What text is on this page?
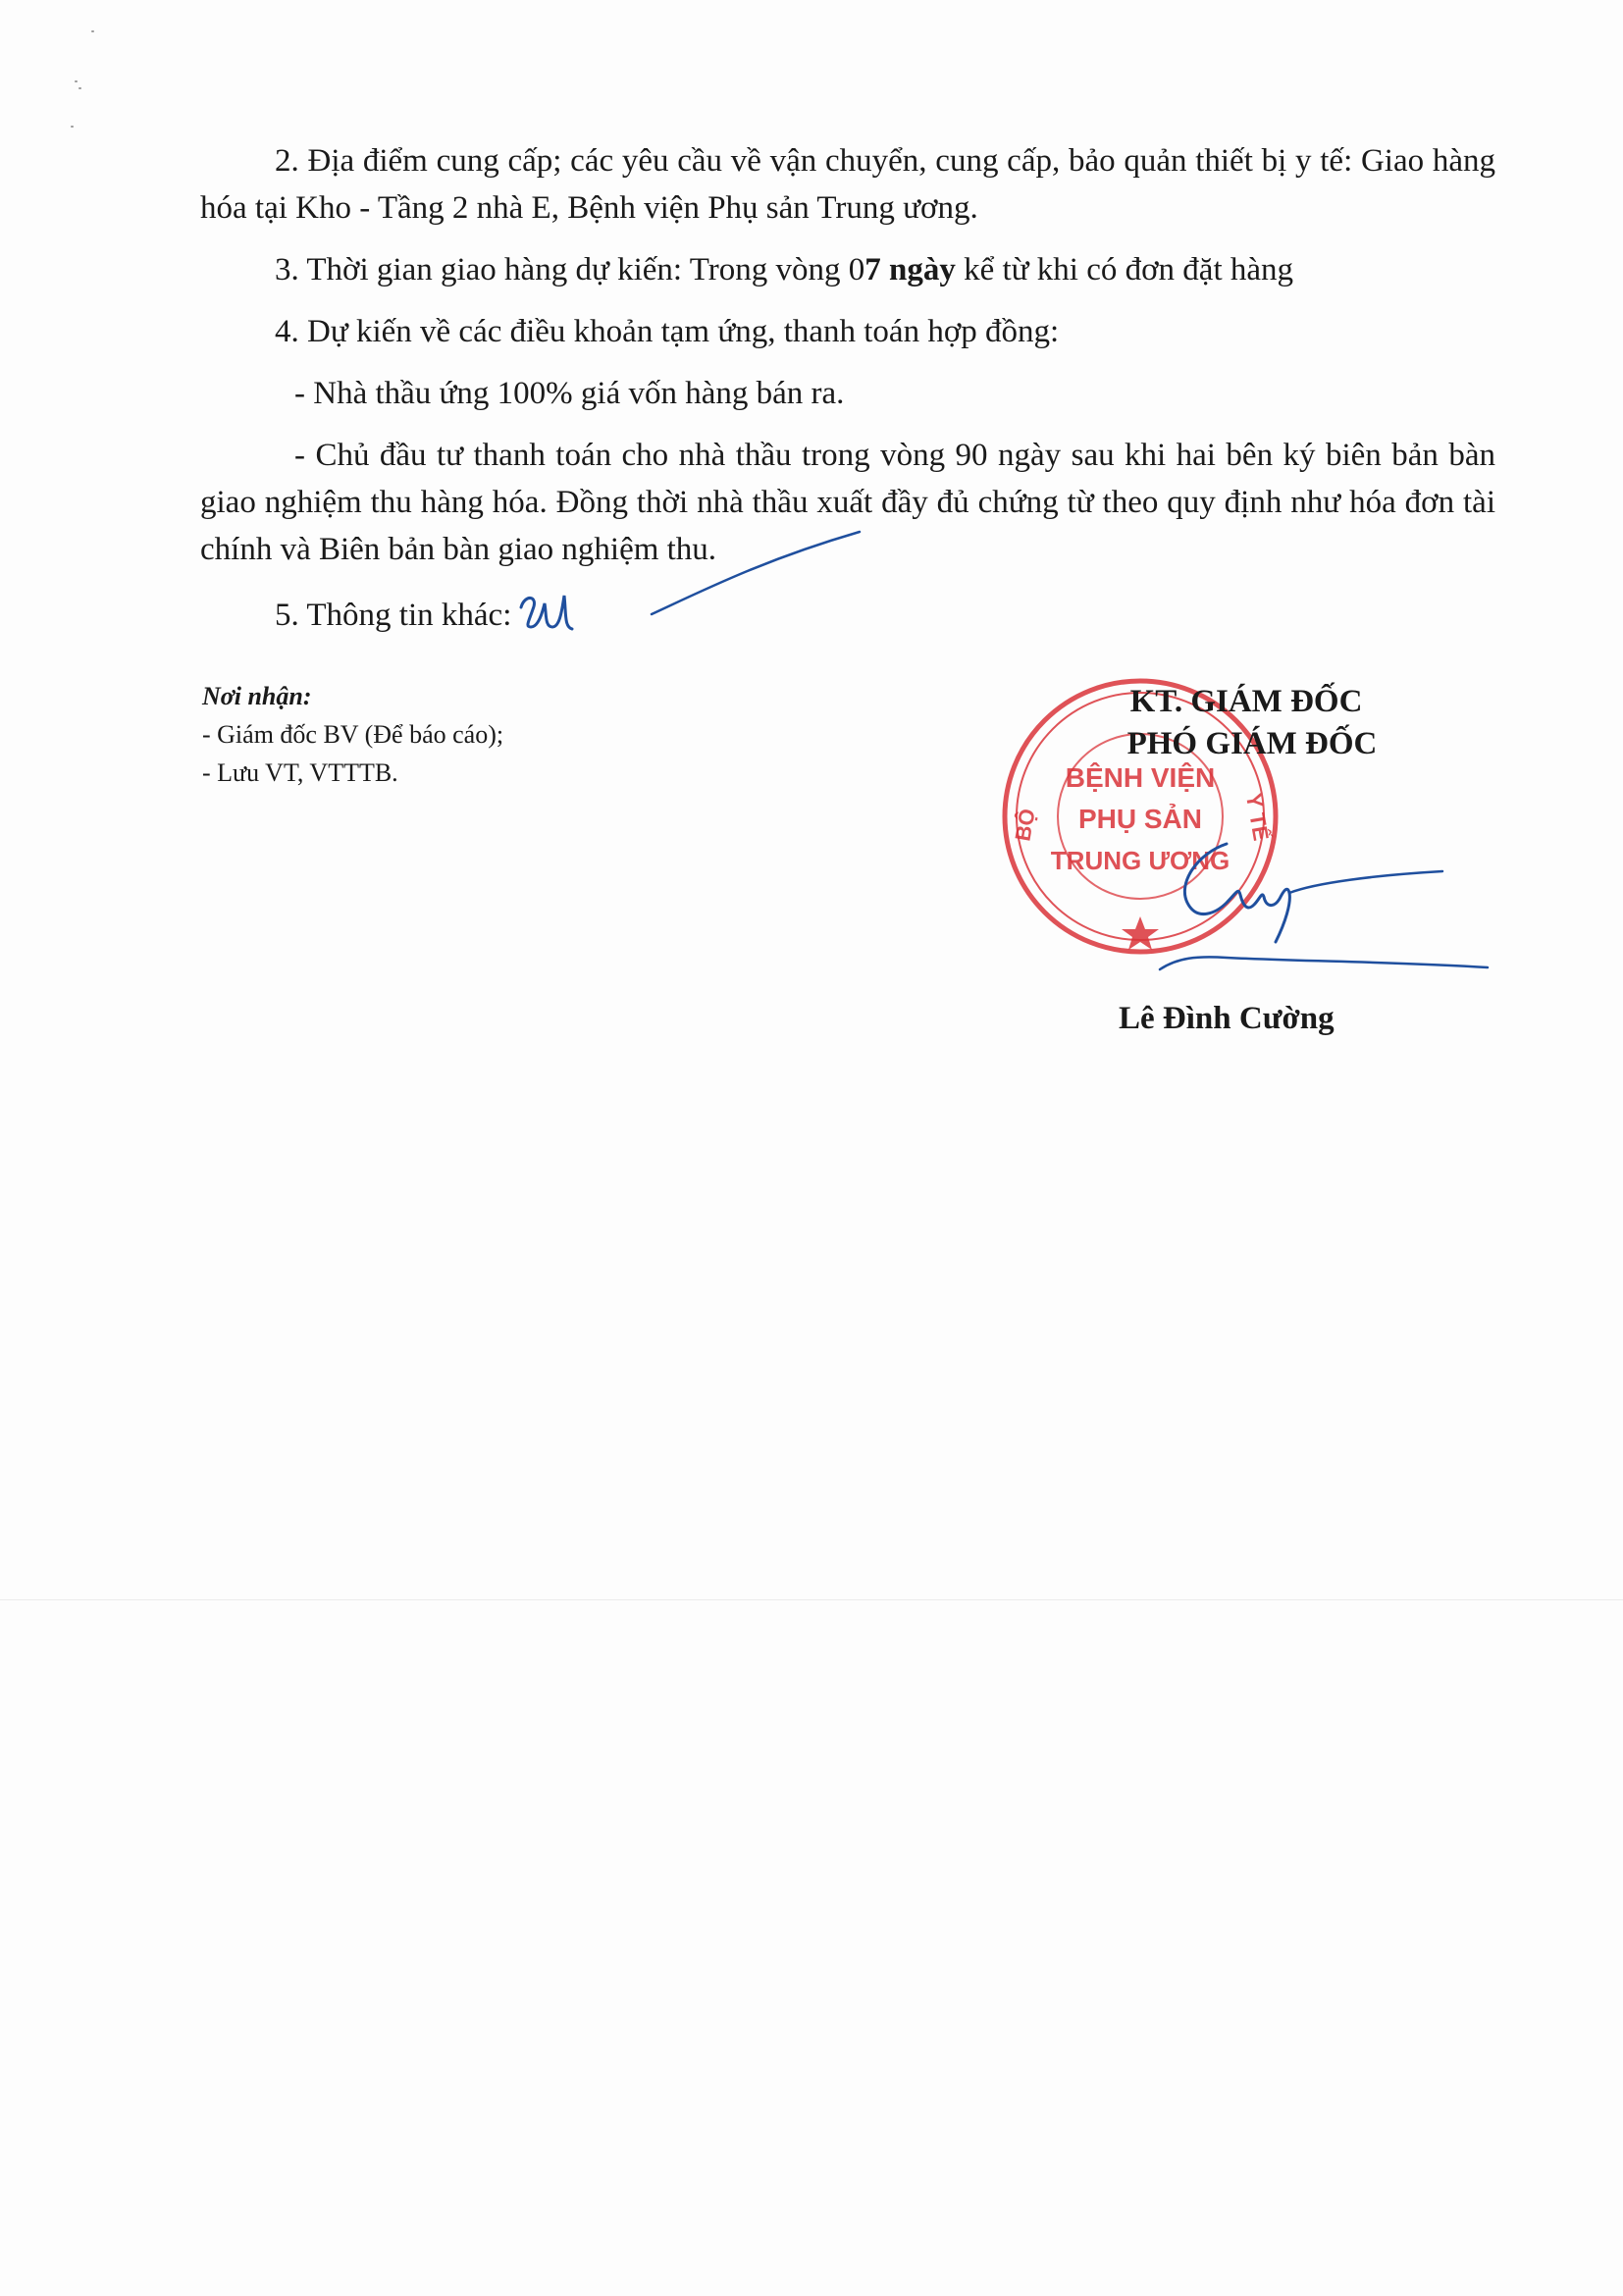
2. Địa điểm cung cấp; các yêu cầu về vận chuyển, cung cấp, bảo quản thiết bị y tế: Giao hàng hóa tại Kho - Tầng 2 nhà E, Bệnh viện Phụ sản Trung ương.

3. Thời gian giao hàng dự kiến: Trong vòng 07 ngày kể từ khi có đơn đặt hàng

4. Dự kiến về các điều khoản tạm ứng, thanh toán hợp đồng:

- Nhà thầu ứng 100% giá vốn hàng bán ra.

- Chủ đầu tư thanh toán cho nhà thầu trong vòng 90 ngày sau khi hai bên ký biên bản bàn giao nghiệm thu hàng hóa. Đồng thời nhà thầu xuất đầy đủ chứng từ theo quy định như hóa đơn tài chính và Biên bản bàn giao nghiệm thu.

5. Thông tin khác:

Nơi nhận:
- Giám đốc BV (Để báo cáo);
- Lưu VT, VTTTB.
KT. GIÁM ĐỐC
PHÓ GIÁM ĐỐC
BỆNH VIỆN
PHỤ SẢN
TRUNG ƯƠNG
BỘ	Y TẾ
Lê Đình Cường
